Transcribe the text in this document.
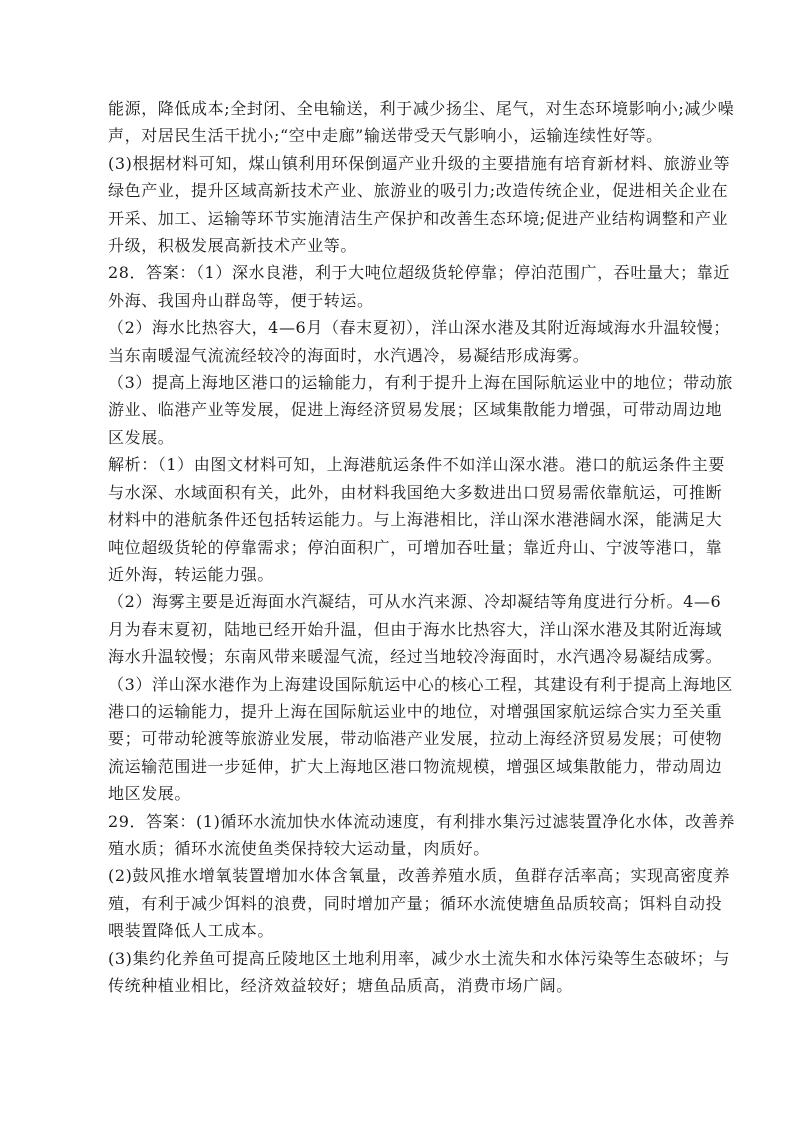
能源，降低成本;全封闭、全电输送，利于减少扬尘、尾气，对生态环境影响小;减少噪
声，对居民生活干扰小;“空中走廊”输送带受天气影响小，运输连续性好等。

(3)根据材料可知，煤山镇利用环保倒逼产业升级的主要措施有培育新材料、旅游业等
绿色产业，提升区域高新技术产业、旅游业的吸引力;改造传统企业，促进相关企业在
开采、加工、运输等环节实施清洁生产保护和改善生态环境;促进产业结构调整和产业
升级，积极发展高新技术产业等。

28．答案：（1）深水良港，利于大吨位超级货轮停靠；停泊范围广，吞吐量大；靠近
外海、我国舟山群岛等，便于转运。

（2）海水比热容大，4—6月（春末夏初），洋山深水港及其附近海域海水升温较慢；
当东南暖湿气流流经较冷的海面时，水汽遇冷，易凝结形成海雾。

（3）提高上海地区港口的运输能力，有利于提升上海在国际航运业中的地位；带动旅
游业、临港产业等发展，促进上海经济贸易发展；区域集散能力增强，可带动周边地
区发展。

解析：（1）由图文材料可知，上海港航运条件不如洋山深水港。港口的航运条件主要
与水深、水域面积有关，此外，由材料我国绝大多数进出口贸易需依靠航运，可推断
材料中的港航条件还包括转运能力。与上海港相比，洋山深水港港阔水深，能满足大
吨位超级货轮的停靠需求；停泊面积广，可增加吞吐量；靠近舟山、宁波等港口，靠
近外海，转运能力强。

（2）海雾主要是近海面水汽凝结，可从水汽来源、冷却凝结等角度进行分析。4—6
月为春末夏初，陆地已经开始升温，但由于海水比热容大，洋山深水港及其附近海域
海水升温较慢；东南风带来暖湿气流，经过当地较冷海面时，水汽遇冷易凝结成雾。

（3）洋山深水港作为上海建设国际航运中心的核心工程，其建设有利于提高上海地区
港口的运输能力，提升上海在国际航运业中的地位，对增强国家航运综合实力至关重
要；可带动轮渡等旅游业发展，带动临港产业发展，拉动上海经济贸易发展；可使物
流运输范围进一步延伸，扩大上海地区港口物流规模，增强区域集散能力，带动周边
地区发展。

29．答案：(1)循环水流加快水体流动速度，有利排水集污过滤装置净化水体，改善养
殖水质；循环水流使鱼类保持较大运动量，肉质好。

(2)鼓风推水增氧装置增加水体含氧量，改善养殖水质，鱼群存活率高；实现高密度养
殖，有利于减少饵料的浪费，同时增加产量；循环水流使塘鱼品质较高；饵料自动投
喂装置降低人工成本。

(3)集约化养鱼可提高丘陵地区土地利用率，减少水土流失和水体污染等生态破坏；与
传统种植业相比，经济效益较好；塘鱼品质高，消费市场广阔。
